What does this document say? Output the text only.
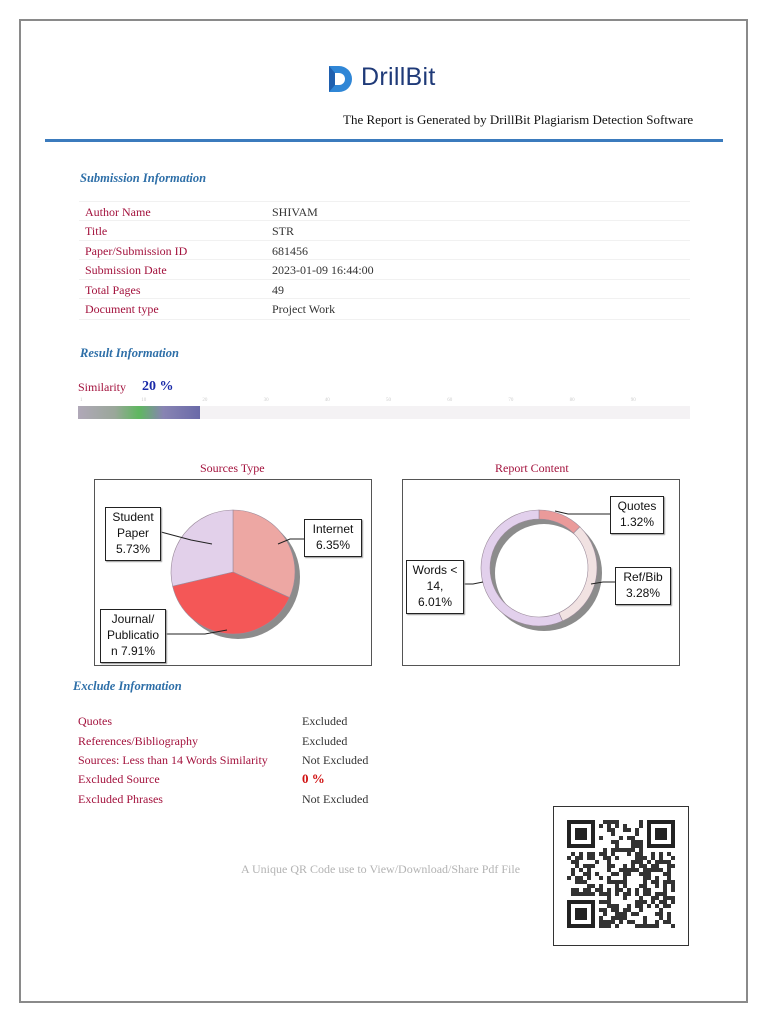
DrillBit
The Report is Generated by DrillBit Plagiarism Detection Software
Submission Information
Author Name	SHIVAM
Title	STR
Paper/Submission ID	681456
Submission Date	2023-01-09 16:44:00
Total Pages	49
Document type	Project Work
Result Information
Similarity 20 %
1	10	20	30	40	50	60	70	80	90
Sources Type	Report Content
Internet
6.35%
Student
Paper
5.73%
Journal/
Publicatio
n 7.91%
Quotes
1.32%
Ref/Bib
3.28%
Words <
14,
6.01%
Exclude Information
Quotes	Excluded
References/Bibliography	Excluded
Sources: Less than 14 Words Similarity	Not Excluded
Excluded Source	0 %
Excluded Phrases	Not Excluded
A Unique QR Code use to View/Download/Share Pdf File
